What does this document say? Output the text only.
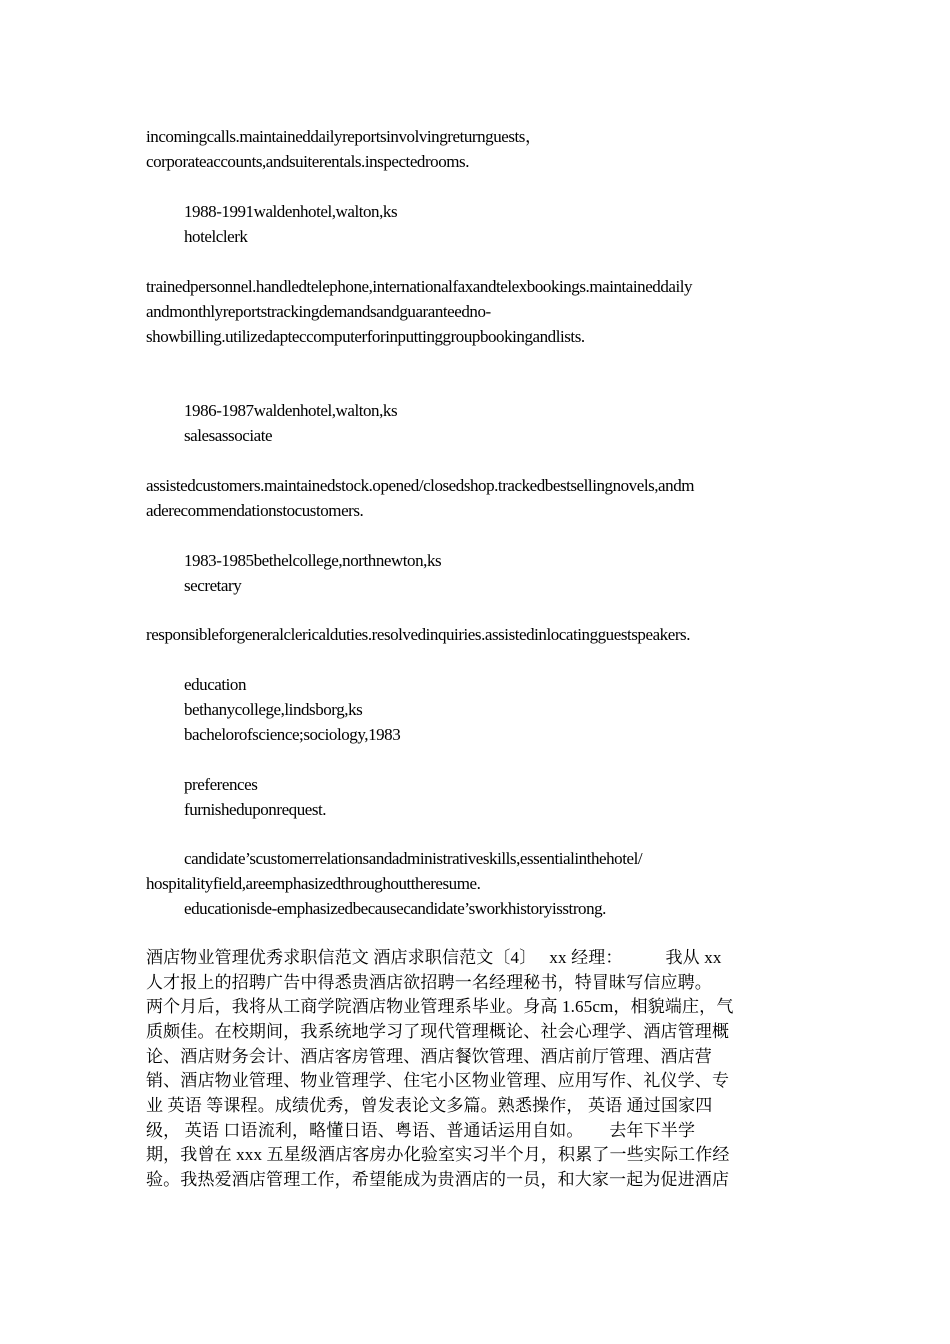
incomingcalls.maintaineddailyreportsinvolvingreturnguests，
corporateaccounts,andsuiterentals.inspectedrooms.
1988-1991waldenhotel,walton,ks
hotelclerk
trainedpersonnel.handledtelephone,internationalfaxandtelexbookings.maintaineddaily
andmonthlyreportstrackingdemandsandguaranteedno-
showbilling.utilizedapteccomputerforinputtinggroupbookingandlists.
1986-1987waldenhotel,walton,ks
salesassociate
assistedcustomers.maintainedstock.opened/closedshop.trackedbestsellingnovels,andm
aderecommendationstocustomers.
1983-1985bethelcollege,northnewton,ks
secretary
responsibleforgeneralclericalduties.resolvedinquiries.assistedinlocatingguestspeakers.
education
bethanycollege,lindsborg,ks
bachelorofscience;sociology,1983
preferences
furnisheduponrequest.
candidate’scustomerrelationsandadministrativeskills,essentialinthehotel/
hospitalityfield,areemphasizedthroughouttheresume.
educationisde-emphasizedbecausecandidate’sworkhistoryisstrong.
酒店物业管理优秀求职信范文 酒店求职信范文〔4〕　 xx 经理：　　　我从 xx
人才报上的招聘广告中得悉贵酒店欲招聘一名经理秘书，特冒昧写信应聘。
两个月后，我将从工商学院酒店物业管理系毕业。身高 1.65cm，相貌端庄，气
质颇佳。在校期间，我系统地学习了现代管理概论、社会心理学、酒店管理概
论、酒店财务会计、酒店客房管理、酒店餐饮管理、酒店前厅管理、酒店营
销、酒店物业管理、物业管理学、住宅小区物业管理、应用写作、礼仪学、专
业 英语 等课程。成绩优秀，曾发表论文多篇。熟悉操作， 英语 通过国家四
级， 英语 口语流利，略懂日语、粤语、普通话运用自如。　　去年下半学
期，我曾在 xxx 五星级酒店客房办化验室实习半个月，积累了一些实际工作经
验。我热爱酒店管理工作，希望能成为贵酒店的一员，和大家一起为促进酒店
